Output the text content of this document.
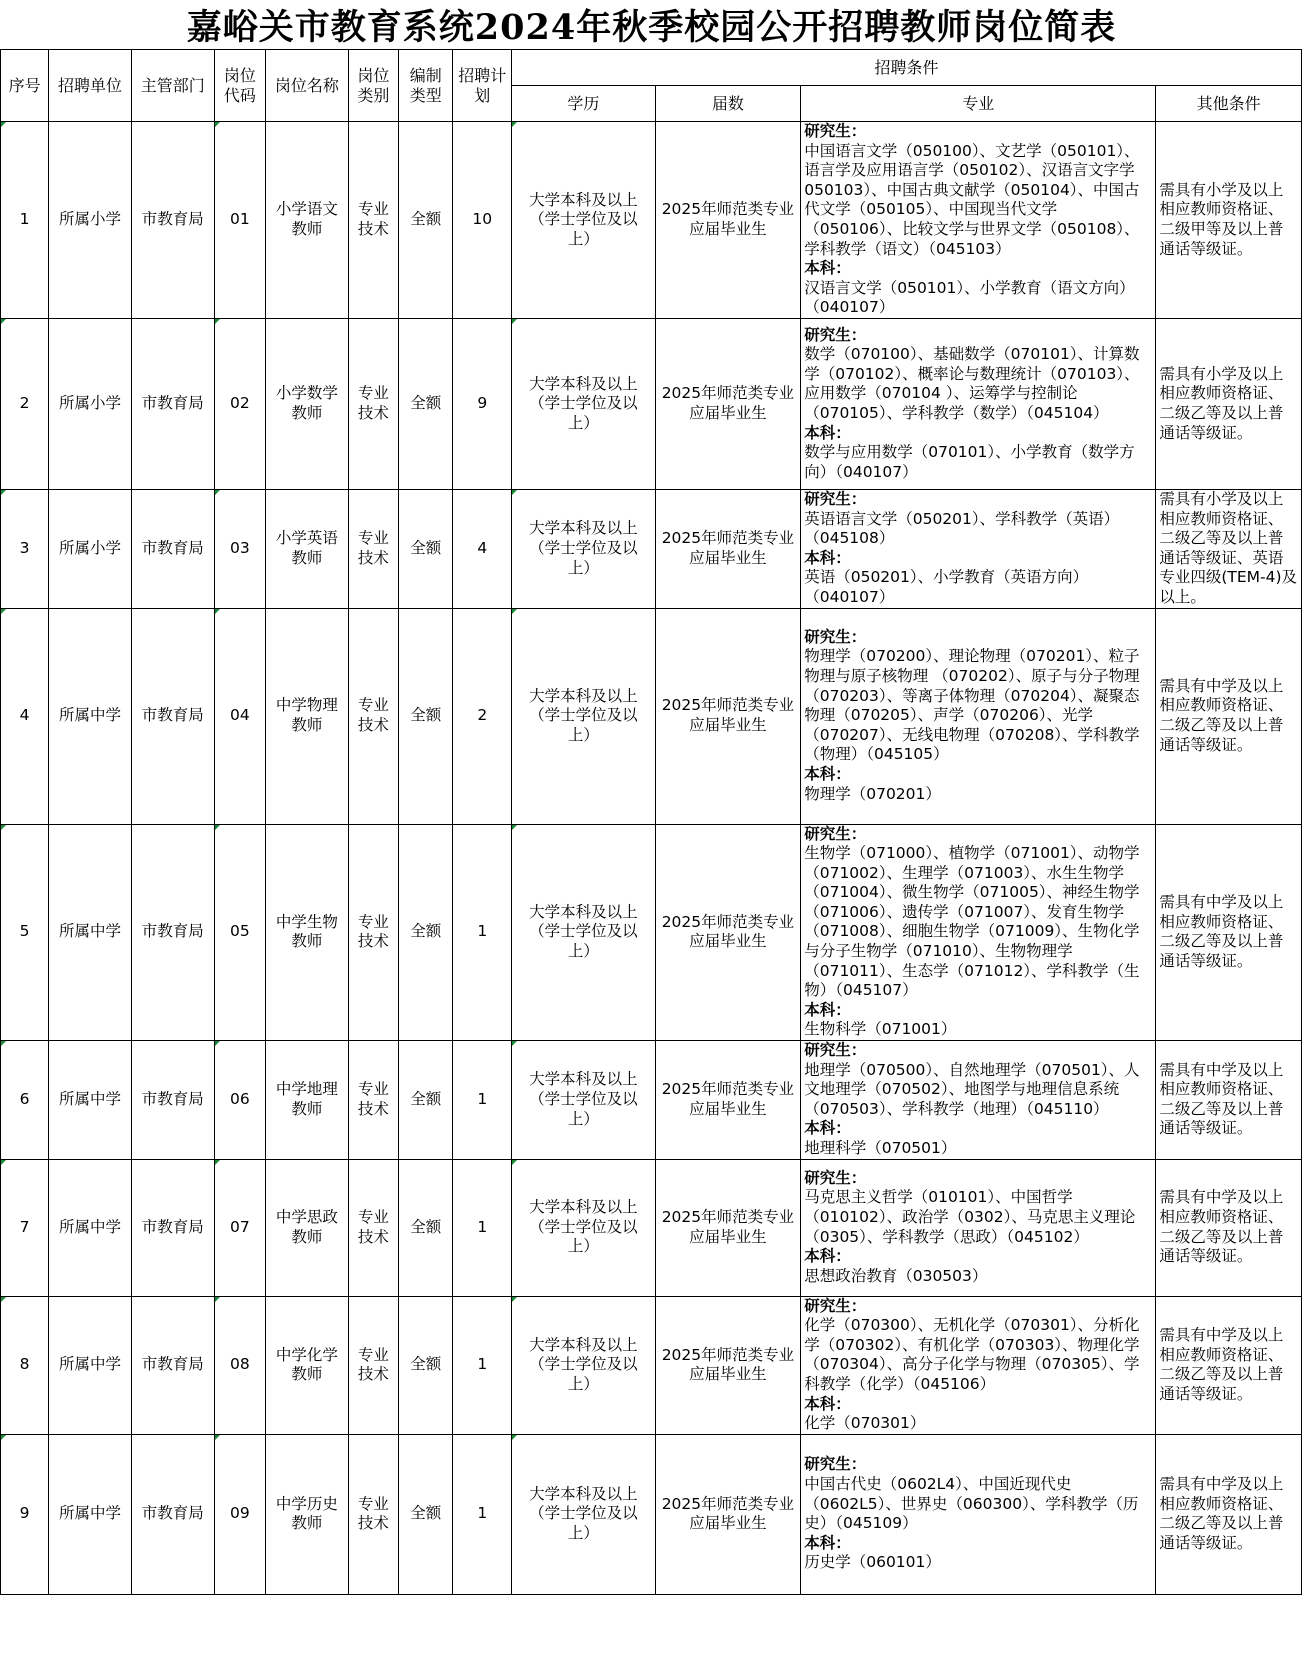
嘉峪关市教育系统2024年秋季校园公开招聘教师岗位简表
序号	招聘单位	主管部门	岗位代码	岗位名称	岗位类别	编制类型	招聘计划	招聘条件			
								学历	届数	专业	其他条件
1	所属小学	市教育局	01	小学语文教师	专业技术	全额	10	大学本科及以上（学士学位及以上）	2025年师范类专业应届毕业生	研究生：
中国语言文学（050100）、文艺学（050101）、语言学及应用语言学（050102）、汉语言文字学050103）、中国古典文献学（050104）、中国古代文学（050105）、中国现当代文学（050106）、比较文学与世界文学（050108）、学科教学（语文）（045103）
本科：
汉语言文学（050101）、小学教育（语文方向）（040107）	需具有小学及以上相应教师资格证、二级甲等及以上普通话等级证。
2	所属小学	市教育局	02	小学数学教师	专业技术	全额	9	大学本科及以上（学士学位及以上）	2025年师范类专业应届毕业生	研究生：
数学（070100）、基础数学（070101）、计算数学（070102）、概率论与数理统计（070103）、应用数学（070104 ）、运筹学与控制论（070105）、学科教学（数学）（045104）
本科：
数学与应用数学（070101）、小学教育（数学方向）（040107）	需具有小学及以上相应教师资格证、二级乙等及以上普通话等级证。
3	所属小学	市教育局	03	小学英语教师	专业技术	全额	4	大学本科及以上（学士学位及以上）	2025年师范类专业应届毕业生	研究生：
英语语言文学（050201）、学科教学（英语）（045108）
本科：
英语（050201）、小学教育（英语方向）（040107）	需具有小学及以上相应教师资格证、二级乙等及以上普通话等级证、英语专业四级(TEM-4)及以上。
4	所属中学	市教育局	04	中学物理教师	专业技术	全额	2	大学本科及以上（学士学位及以上）	2025年师范类专业应届毕业生	研究生：
物理学（070200）、理论物理（070201）、粒子物理与原子核物理 （070202）、原子与分子物理（070203）、等离子体物理（070204）、凝聚态物理（070205）、声学（070206）、光学 （070207）、无线电物理（070208）、学科教学（物理）（045105）
本科：
物理学（070201）	需具有中学及以上相应教师资格证、二级乙等及以上普通话等级证。
5	所属中学	市教育局	05	中学生物教师	专业技术	全额	1	大学本科及以上（学士学位及以上）	2025年师范类专业应届毕业生	研究生：
生物学（071000）、植物学（071001）、动物学（071002）、生理学（071003）、水生生物学（071004）、微生物学（071005）、神经生物学（071006）、遗传学（071007）、发育生物学（071008）、细胞生物学（071009）、生物化学与分子生物学（071010）、生物物理学（071011）、生态学（071012）、学科教学（生物）（045107）
本科：
生物科学（071001）	需具有中学及以上相应教师资格证、二级乙等及以上普通话等级证。
6	所属中学	市教育局	06	中学地理教师	专业技术	全额	1	大学本科及以上（学士学位及以上）	2025年师范类专业应届毕业生	研究生：
地理学（070500）、自然地理学（070501）、人文地理学（070502）、地图学与地理信息系统（070503）、学科教学（地理）（045110）
本科：
地理科学（070501）	需具有中学及以上相应教师资格证、二级乙等及以上普通话等级证。
7	所属中学	市教育局	07	中学思政教师	专业技术	全额	1	大学本科及以上（学士学位及以上）	2025年师范类专业应届毕业生	研究生：
马克思主义哲学（010101）、中国哲学（010102）、政治学（0302）、马克思主义理论（0305）、学科教学（思政）（045102）
本科：
思想政治教育（030503）	需具有中学及以上相应教师资格证、二级乙等及以上普通话等级证。
8	所属中学	市教育局	08	中学化学教师	专业技术	全额	1	大学本科及以上（学士学位及以上）	2025年师范类专业应届毕业生	研究生：
化学（070300）、无机化学（070301）、分析化学（070302）、有机化学（070303）、物理化学（070304）、高分子化学与物理（070305）、学科教学（化学）（045106）
本科：
化学（070301）	需具有中学及以上相应教师资格证、二级乙等及以上普通话等级证。
9	所属中学	市教育局	09	中学历史教师	专业技术	全额	1	大学本科及以上（学士学位及以上）	2025年师范类专业应届毕业生	研究生：
中国古代史（0602L4）、中国近现代史（0602L5）、世界史（060300）、学科教学（历史）（045109）
本科：
历史学（060101）	需具有中学及以上相应教师资格证、二级乙等及以上普通话等级证。
